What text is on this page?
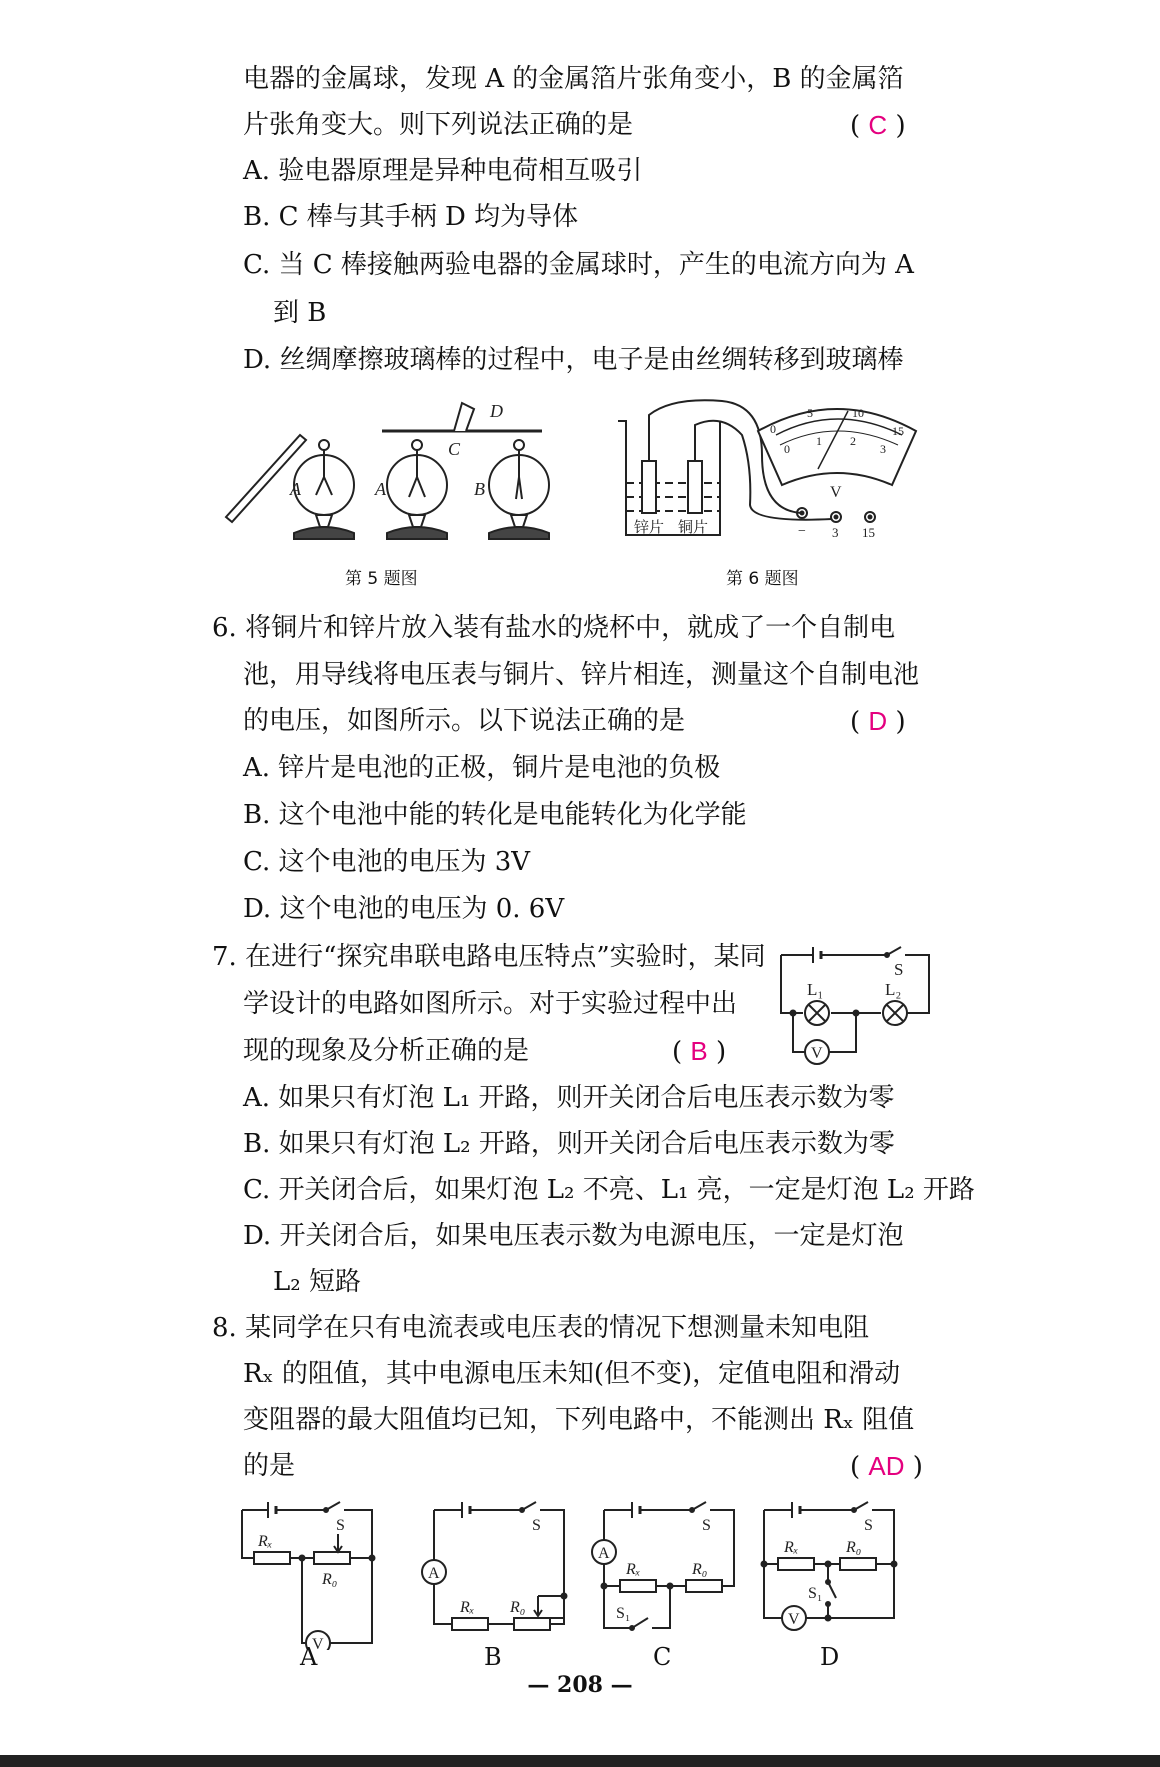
电器的金属球，发现 A 的金属箔片张角变小，B 的金属箔
片张角变大。则下列说法正确的是	( C )
A. 验电器原理是异种电荷相互吸引
B. C 棒与其手柄 D 均为导体
C. 当 C 棒接触两验电器的金属球时，产生的电流方向为 A
到 B
D. 丝绸摩擦玻璃棒的过程中，电子是由丝绸转移到玻璃棒
A	A	B
C
D
第 5 题图
0
5	10
15
0
1 2
3
V
− 3 15
锌片 铜片
第 6 题图
6. 将铜片和锌片放入装有盐水的烧杯中，就成了一个自制电
池，用导线将电压表与铜片、锌片相连，测量这个自制电池
的电压，如图所示。以下说法正确的是	( D )
A. 锌片是电池的正极，铜片是电池的负极
B. 这个电池中能的转化是电能转化为化学能
C. 这个电池的电压为 3V
D. 这个电池的电压为 0. 6V
7. 在进行“探究串联电路电压特点”实验时，某同
学设计的电路如图所示。对于实验过程中出
现的现象及分析正确的是	( B )	V
S
L₁	L₂
A. 如果只有灯泡 L₁ 开路，则开关闭合后电压表示数为零
B. 如果只有灯泡 L₂ 开路，则开关闭合后电压表示数为零
C. 开关闭合后，如果灯泡 L₂ 不亮、L₁ 亮，一定是灯泡 L₂ 开路
D. 开关闭合后，如果电压表示数为电源电压，一定是灯泡
L₂ 短路
8. 某同学在只有电流表或电压表的情况下想测量未知电阻
Rₓ 的阻值，其中电源电压未知(但不变)，定值电阻和滑动
变阻器的最大阻值均已知，下列电路中，不能测出 Rₓ 阻值
的是	( AD )
V
S
Rₓ
R₀
A
A
S
Rₓ R₀
B
A
S
Rₓ	R₀
S₁
C
V
S
Rₓ	R₀
S₁
D
— 208 —
